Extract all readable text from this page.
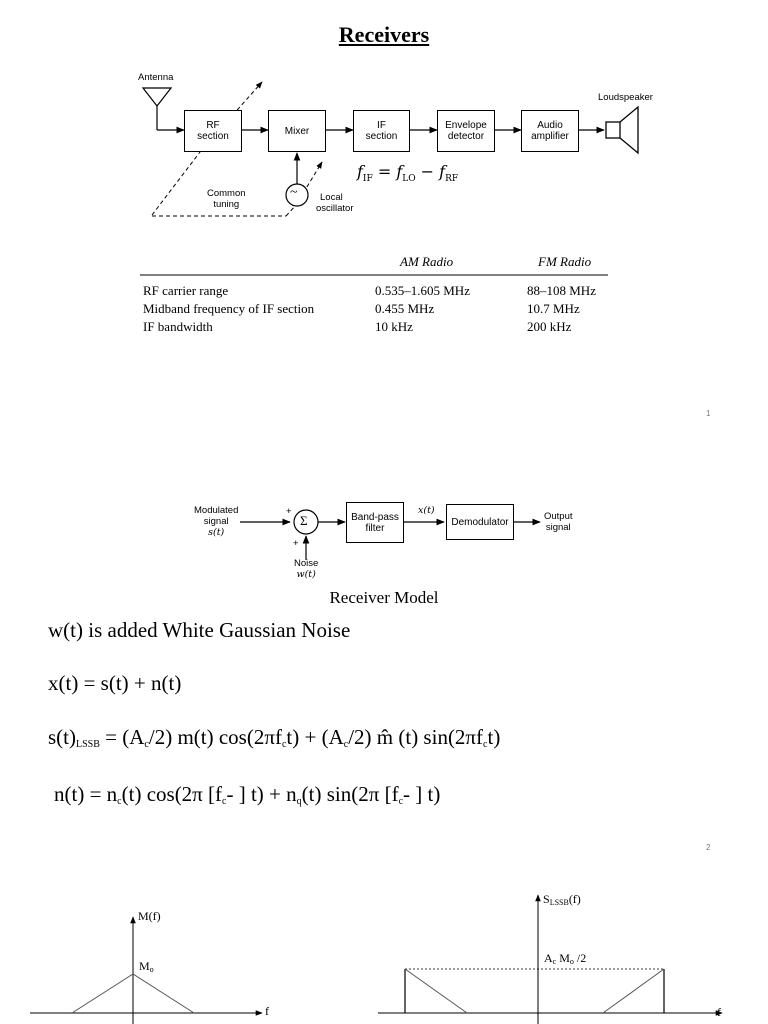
Receivers
Antenna
Loudspeaker
RF
section	Mixer	IF
section
Envelope
detector
Audio
amplifier
Common
tuning
Local
oscillator
~
$f_{IF} = f_{LO} - f_{RF}$
AM Radio	FM Radio
RF carrier range	0.535–1.605 MHz	88–108 MHz
Midband frequency of IF section	0.455 MHz	10.7 MHz
IF bandwidth	10 kHz	200 kHz
1
Modulated
signal
s(t)
+
+
Σ
Noise
w(t)
Band-pass
filter
x(t)
Demodulator	Output
signal
Receiver Model
w(t) is added White Gaussian Noise
x(t) = s(t) + n(t)
$s(t)_{LSSB} = (A_c/2)$ m(t) $\cos(2\pi f_ct) + (A_c/2)$ m̂ (t) $\sin(2\pi f_ct)$
$n(t) = n_c(t)$ cos(2π [$f_c-$ ] $t) + n_q(t)$ sin(2π [$f_c-$ ] t)
2
M(f)
f
$M_o$
$S_{LSSB}(f)$
f
$A_c$ $M_o$ /2
